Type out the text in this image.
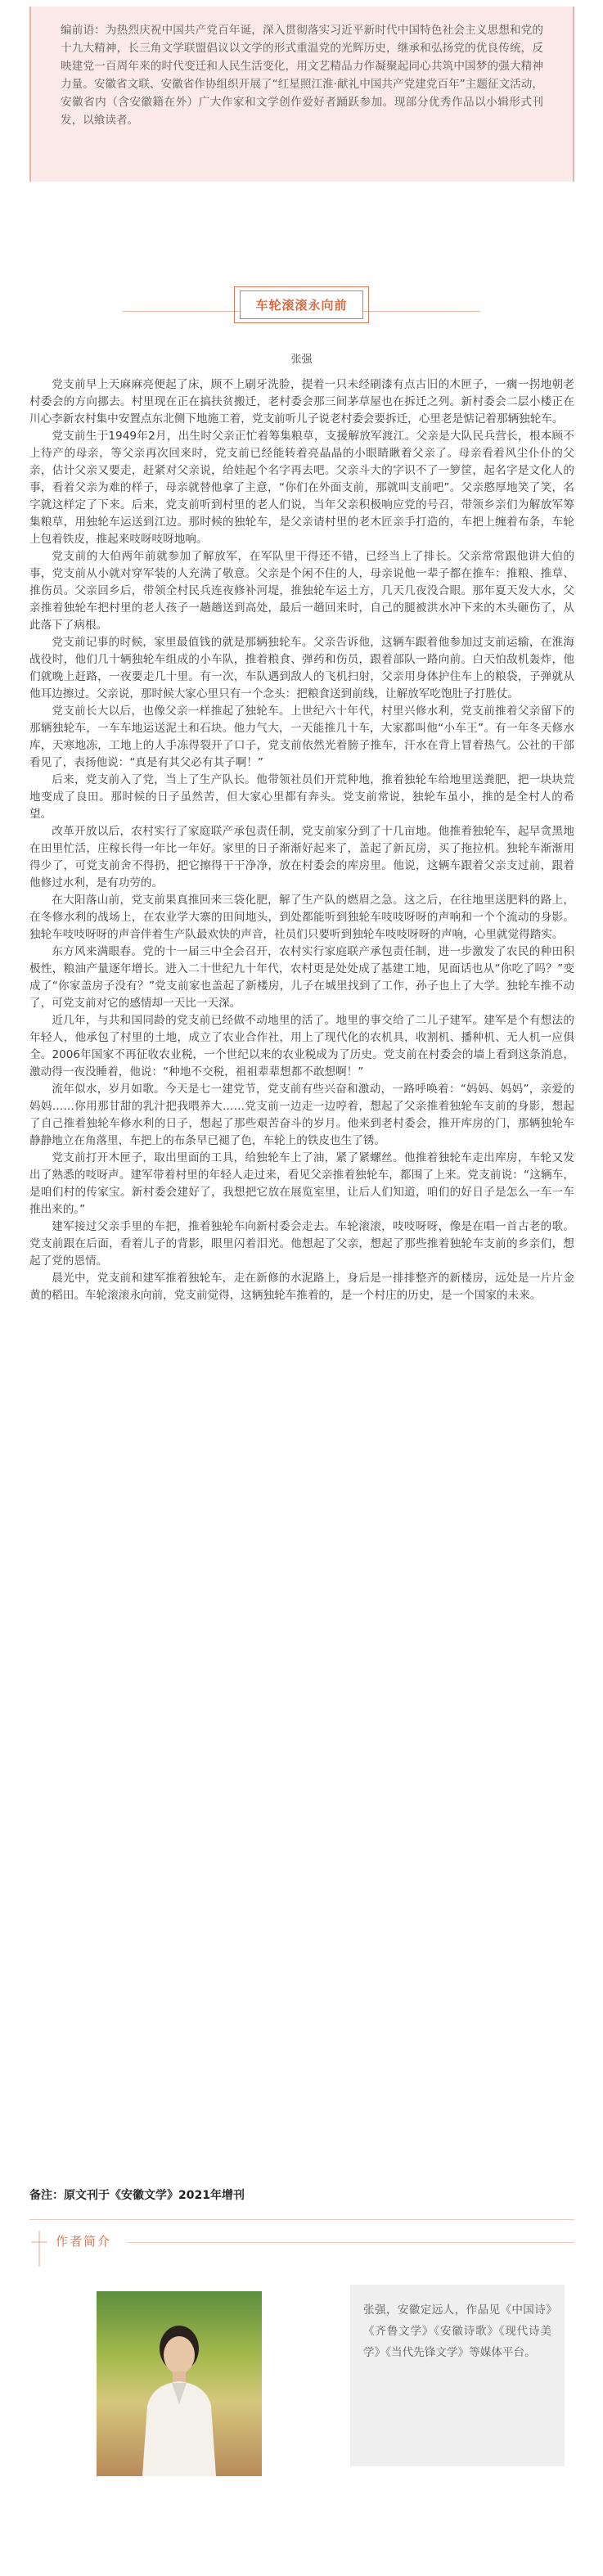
编前语：为热烈庆祝中国共产党百年诞，深入贯彻落实习近平新时代中国特色社会主义思想和党的十九大精神，长三角文学联盟倡议以文学的形式重温党的光辉历史，继承和弘扬党的优良传统，反映建党一百周年来的时代变迁和人民生活变化，用文艺精品力作凝聚起同心共筑中国梦的强大精神力量。安徽省文联、安徽省作协组织开展了“红星照江淮·献礼中国共产党建党百年”主题征文活动，安徽省内（含安徽籍在外）广大作家和文学创作爱好者踊跃参加。现部分优秀作品以小辑形式刊发，以飨读者。
车轮滚滚永向前
张强

党支前早上天麻麻亮便起了床，顾不上刷牙洗脸，提着一只未经刷漆有点古旧的木匣子，一瘸一拐地朝老村委会的方向挪去。村里现在正在搞扶贫搬迁，老村委会那三间茅草屋也在拆迁之列。新村委会二层小楼正在川心李新农村集中安置点东北侧下地施工着，党支前听儿子说老村委会要拆迁，心里老是惦记着那辆独轮车。

党支前生于1949年2月，出生时父亲正忙着筹集粮草，支援解放军渡江。父亲是大队民兵营长，根本顾不上待产的母亲，等父亲再次回来时，党支前已经能转着亮晶晶的小眼睛瞅着父亲了。母亲看着风尘仆仆的父亲，估计父亲又要走，赶紧对父亲说，给娃起个名字再去吧。父亲斗大的字识不了一箩筐，起名字是文化人的事，看着父亲为难的样子，母亲就替他拿了主意，“你们在外面支前，那就叫支前吧”。父亲憨厚地笑了笑，名字就这样定了下来。后来，党支前听到村里的老人们说，当年父亲积极响应党的号召，带领乡亲们为解放军筹集粮草，用独轮车运送到江边。那时候的独轮车，是父亲请村里的老木匠亲手打造的，车把上缠着布条，车轮上包着铁皮，推起来吱呀吱呀地响。

党支前的大伯两年前就参加了解放军，在军队里干得还不错，已经当上了排长。父亲常常跟他讲大伯的事，党支前从小就对穿军装的人充满了敬意。父亲是个闲不住的人，母亲说他一辈子都在推车：推粮、推草、推伤员。父亲回乡后，带领全村民兵连夜修补河堤，推独轮车运土方，几天几夜没合眼。那年夏天发大水，父亲推着独轮车把村里的老人孩子一趟趟送到高处，最后一趟回来时，自己的腿被洪水冲下来的木头砸伤了，从此落下了病根。

党支前记事的时候，家里最值钱的就是那辆独轮车。父亲告诉他，这辆车跟着他参加过支前运输，在淮海战役时，他们几十辆独轮车组成的小车队，推着粮食、弹药和伤员，跟着部队一路向前。白天怕敌机轰炸，他们就晚上赶路，一夜要走几十里。有一次，车队遇到敌人的飞机扫射，父亲用身体护住车上的粮袋，子弹就从他耳边擦过。父亲说，那时候大家心里只有一个念头：把粮食送到前线，让解放军吃饱肚子打胜仗。

党支前长大以后，也像父亲一样推起了独轮车。上世纪六十年代，村里兴修水利，党支前推着父亲留下的那辆独轮车，一车车地运送泥土和石块。他力气大，一天能推几十车，大家都叫他“小车王”。有一年冬天修水库，天寒地冻，工地上的人手冻得裂开了口子，党支前依然光着膀子推车，汗水在背上冒着热气。公社的干部看见了，表扬他说：“真是有其父必有其子啊！”

后来，党支前入了党，当上了生产队长。他带领社员们开荒种地，推着独轮车给地里送粪肥，把一块块荒地变成了良田。那时候的日子虽然苦，但大家心里都有奔头。党支前常说，独轮车虽小，推的是全村人的希望。

改革开放以后，农村实行了家庭联产承包责任制，党支前家分到了十几亩地。他推着独轮车，起早贪黑地在田里忙活，庄稼长得一年比一年好。家里的日子渐渐好起来了，盖起了新瓦房，买了拖拉机。独轮车渐渐用得少了，可党支前舍不得扔，把它擦得干干净净，放在村委会的库房里。他说，这辆车跟着父亲支过前，跟着他修过水利，是有功劳的。

在大阳落山前，党支前果真推回来三袋化肥，解了生产队的燃眉之急。这之后，在往地里送肥料的路上，在冬修水利的战场上，在农业学大寨的田间地头，到处都能听到独轮车吱吱呀呀的声响和一个个流动的身影。独轮车吱吱呀呀的声音伴着生产队最欢快的声音，社员们只要听到独轮车吱吱呀呀的声响，心里就觉得踏实。

东方风来满眼春。党的十一届三中全会召开，农村实行家庭联产承包责任制，进一步激发了农民的种田积极性，粮油产量逐年增长。进入二十世纪九十年代，农村更是处处成了基建工地，见面话也从“你吃了吗？”变成了“你家盖房子没有？”党支前家也盖起了新楼房，儿子在城里找到了工作，孙子也上了大学。独轮车推不动了，可党支前对它的感情却一天比一天深。

近几年，与共和国同龄的党支前已经做不动地里的活了。地里的事交给了二儿子建军。建军是个有想法的年轻人，他承包了村里的土地，成立了农业合作社，用上了现代化的农机具，收割机、播种机、无人机一应俱全。2006年国家不再征收农业税，一个世纪以来的农业税成为了历史。党支前在村委会的墙上看到这条消息，激动得一夜没睡着，他说：“种地不交税，祖祖辈辈想都不敢想啊！”

流年似水，岁月如歌。今天是七一建党节，党支前有些兴奋和激动，一路呼唤着：“妈妈、妈妈”，亲爱的妈妈……你用那甘甜的乳汁把我喂养大……党支前一边走一边哼着，想起了父亲推着独轮车支前的身影，想起了自己推着独轮车修水利的日子，想起了那些艰苦奋斗的岁月。他来到老村委会，推开库房的门，那辆独轮车静静地立在角落里，车把上的布条早已褪了色，车轮上的铁皮也生了锈。

党支前打开木匣子，取出里面的工具，给独轮车上了油，紧了紧螺丝。他推着独轮车走出库房，车轮又发出了熟悉的吱呀声。建军带着村里的年轻人走过来，看见父亲推着独轮车，都围了上来。党支前说：“这辆车，是咱们村的传家宝。新村委会建好了，我想把它放在展览室里，让后人们知道，咱们的好日子是怎么一车一车推出来的。”

建军接过父亲手里的车把，推着独轮车向新村委会走去。车轮滚滚，吱吱呀呀，像是在唱一首古老的歌。党支前跟在后面，看着儿子的背影，眼里闪着泪光。他想起了父亲，想起了那些推着独轮车支前的乡亲们，想起了党的恩情。

晨光中，党支前和建军推着独轮车，走在新修的水泥路上，身后是一排排整齐的新楼房，远处是一片片金黄的稻田。车轮滚滚永向前，党支前觉得，这辆独轮车推着的，是一个村庄的历史，是一个国家的未来。

备注：原文刊于《安徽文学》2021年增刊
作者简介
张强，安徽定远人，作品见《中国诗》《齐鲁文学》《安徽诗歌》《现代诗美学》《当代先锋文学》等媒体平台。
